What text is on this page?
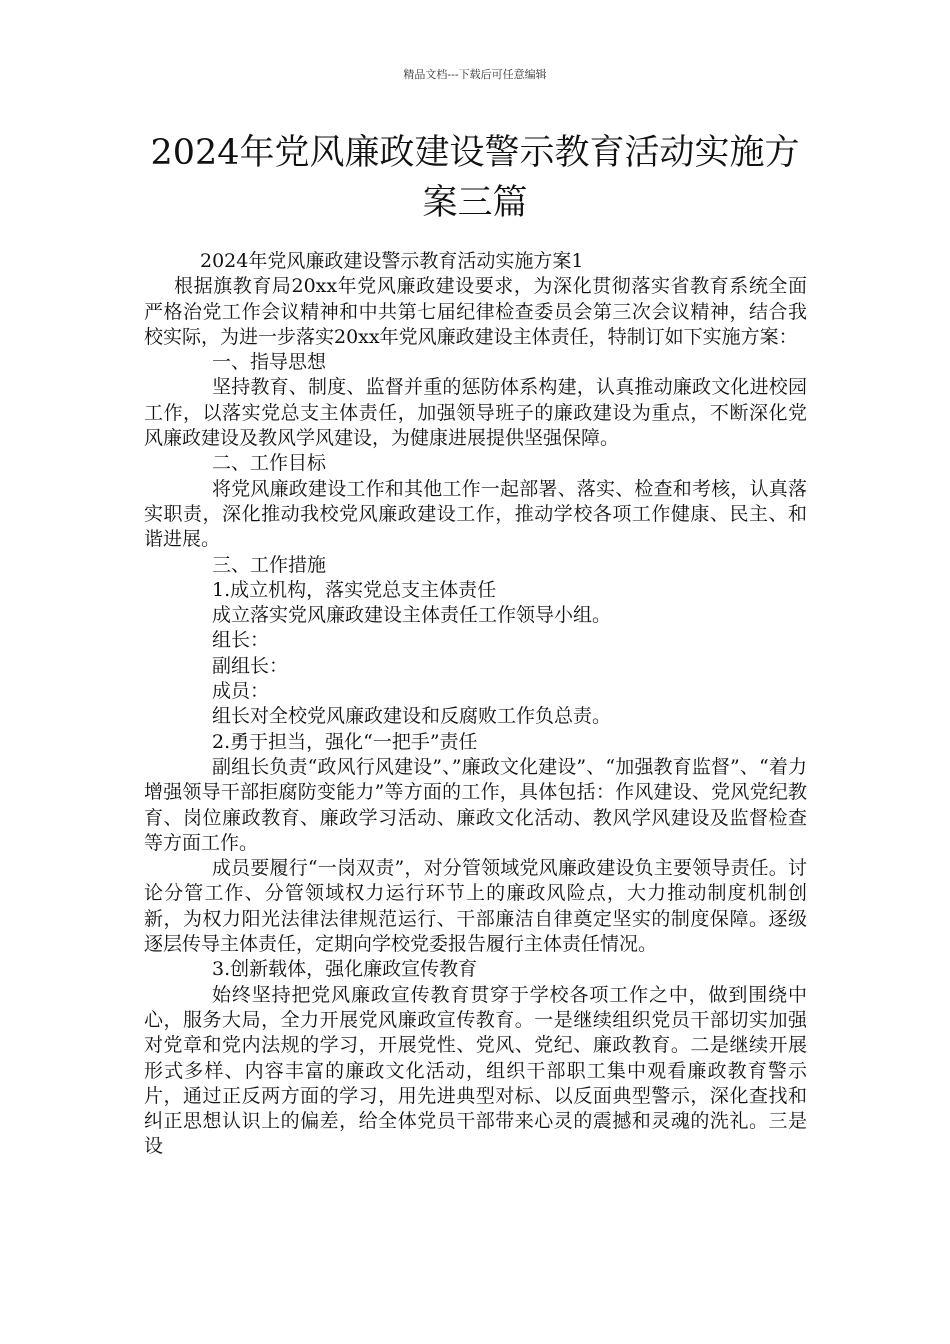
精品文档---下载后可任意编辑
2024年党风廉政建设警示教育活动实施方案三篇

2024年党风廉政建设警示教育活动实施方案1

根据旗教育局20xx年党风廉政建设要求，为深化贯彻落实省教育系统全面严格治党工作会议精神和中共第七届纪律检查委员会第三次会议精神，结合我校实际，为进一步落实20xx年党风廉政建设主体责任，特制订如下实施方案：

一、指导思想

坚持教育、制度、监督并重的惩防体系构建，认真推动廉政文化进校园工作，以落实党总支主体责任，加强领导班子的廉政建设为重点，不断深化党风廉政建设及教风学风建设，为健康进展提供坚强保障。

二、工作目标

将党风廉政建设工作和其他工作一起部署、落实、检查和考核，认真落实职责，深化推动我校党风廉政建设工作，推动学校各项工作健康、民主、和谐进展。

三、工作措施

1.成立机构，落实党总支主体责任

成立落实党风廉政建设主体责任工作领导小组。

组长：

副组长：

成员：

组长对全校党风廉政建设和反腐败工作负总责。

2.勇于担当，强化“一把手”责任

副组长负责“政风行风建设”、”廉政文化建设”、“加强教育监督”、“着力增强领导干部拒腐防变能力”等方面的工作，具体包括：作风建设、党风党纪教育、岗位廉政教育、廉政学习活动、廉政文化活动、教风学风建设及监督检查等方面工作。

成员要履行“一岗双责”，对分管领域党风廉政建设负主要领导责任。讨论分管工作、分管领域权力运行环节上的廉政风险点，大力推动制度机制创新，为权力阳光法律法律规范运行、干部廉洁自律奠定坚实的制度保障。逐级逐层传导主体责任，定期向学校党委报告履行主体责任情况。

3.创新载体，强化廉政宣传教育

始终坚持把党风廉政宣传教育贯穿于学校各项工作之中，做到围绕中心，服务大局，全力开展党风廉政宣传教育。一是继续组织党员干部切实加强对党章和党内法规的学习，开展党性、党风、党纪、廉政教育。二是继续开展形式多样、内容丰富的廉政文化活动，组织干部职工集中观看廉政教育警示片，通过正反两方面的学习，用先进典型对标、以反面典型警示，深化查找和纠正思想认识上的偏差，给全体党员干部带来心灵的震撼和灵魂的洗礼。三是设
